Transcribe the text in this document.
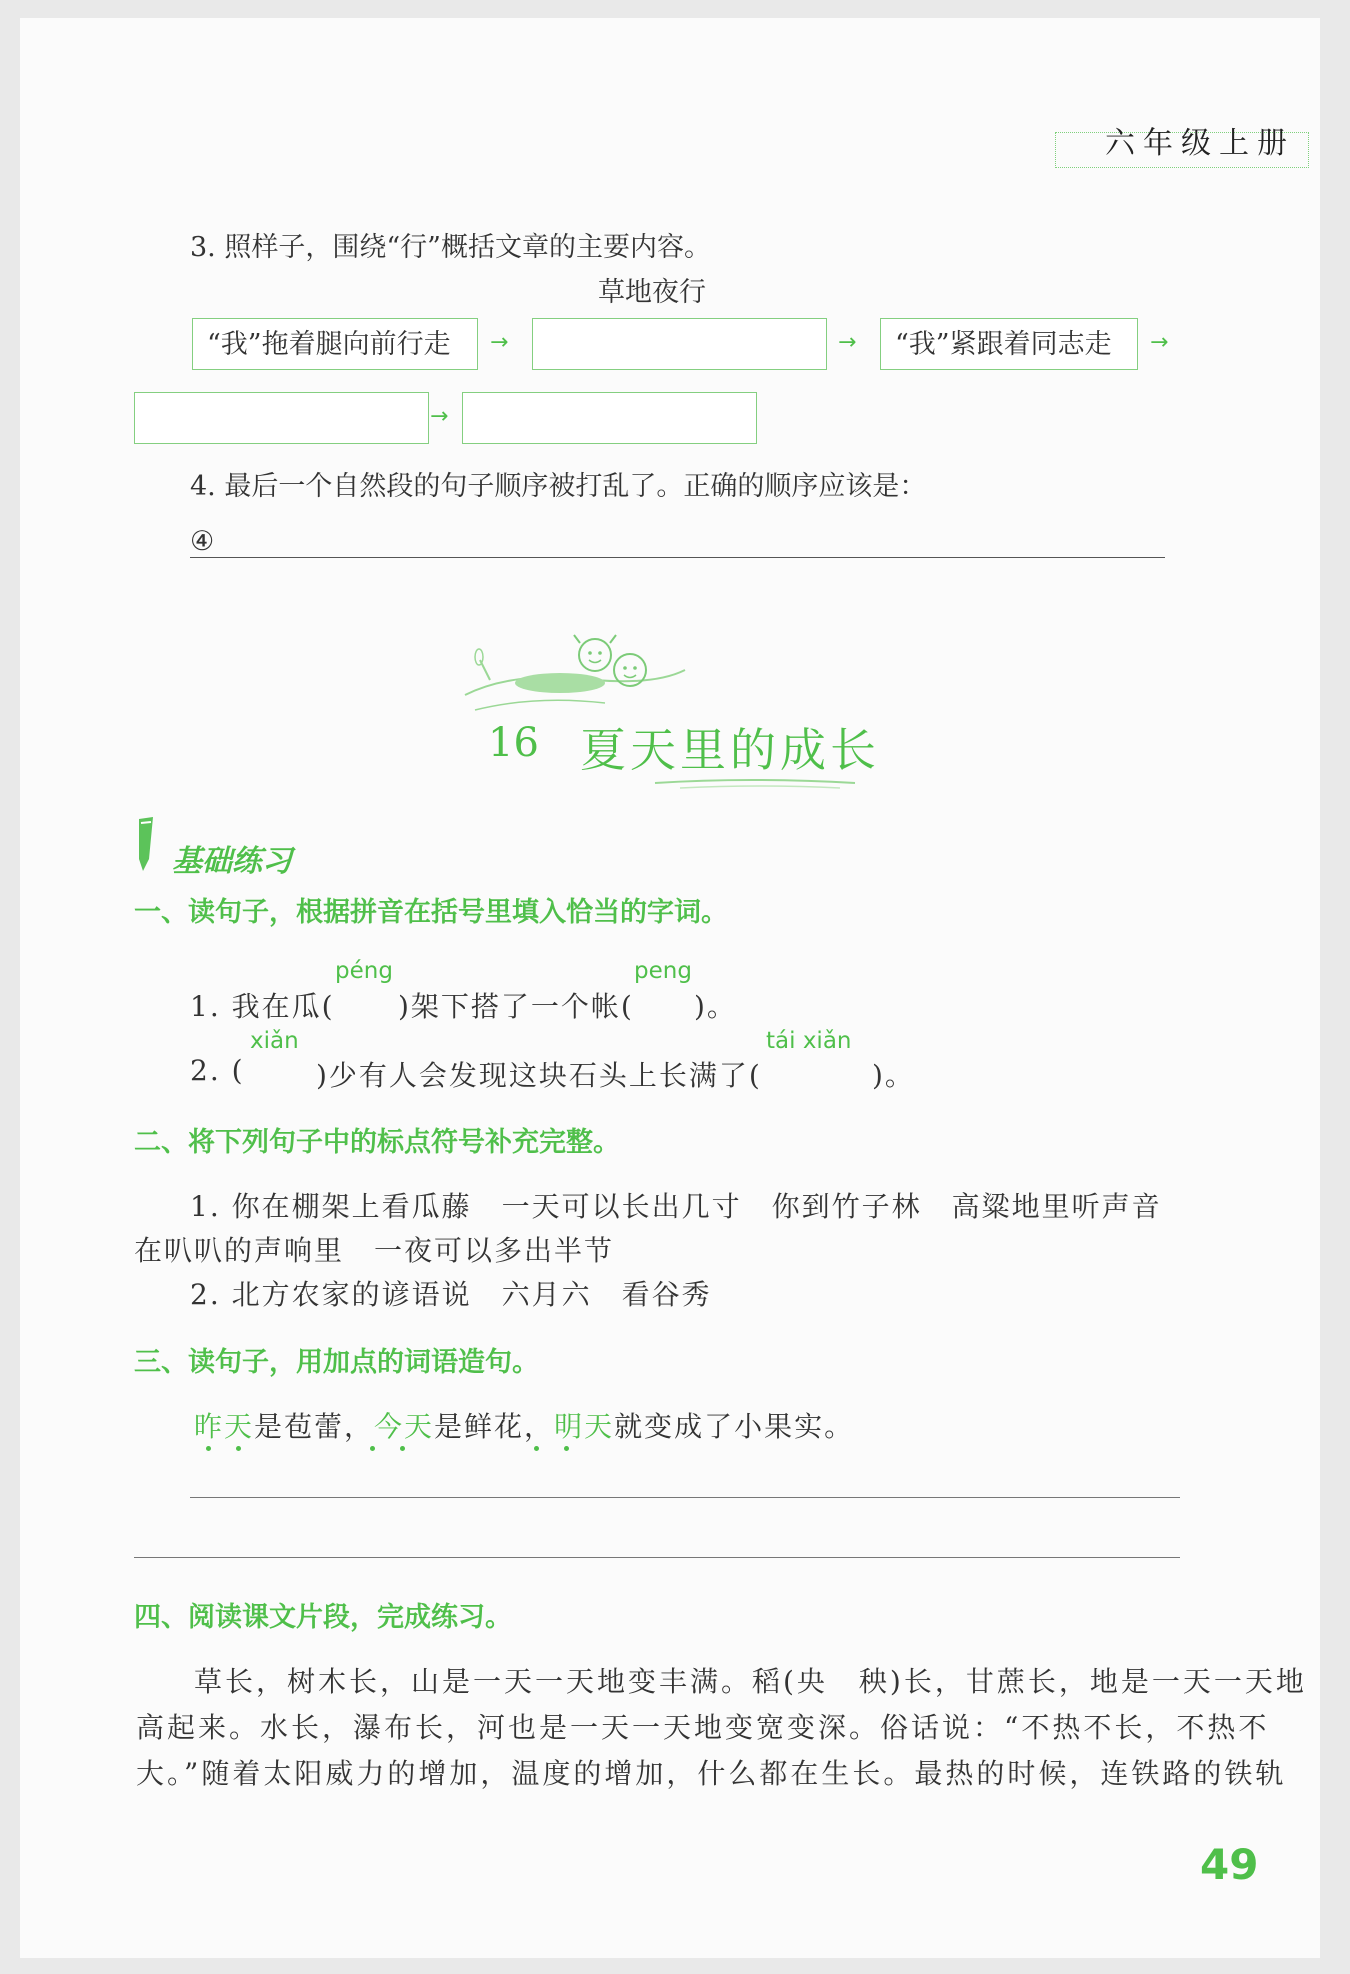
六年级上册
3. 照样子，围绕“行”概括文章的主要内容。
草地夜行
“我”拖着腿向前行走	→	→	“我”紧跟着同志走	→
→
4. 最后一个自然段的句子顺序被打乱了。正确的顺序应该是：
④
16 夏天里的成长
基础练习
一、读句子，根据拼音在括号里填入恰当的字词。
péng	peng
1. 我在瓜( )架下搭了一个帐( )。
xiǎn	tái xiǎn
2. (	)少有人会发现这块石头上长满了(	)。
二、将下列句子中的标点符号补充完整。
1. 你在棚架上看瓜藤　一天可以长出几寸　你到竹子林　高粱地里听声音
在叭叭的声响里　一夜可以多出半节
2. 北方农家的谚语说　六月六　看谷秀
三、读句子，用加点的词语造句。
昨天是苞蕾，今天是鲜花，明天就变成了小果实。
四、阅读课文片段，完成练习。
草长，树木长，山是一天一天地变丰满。稻(央　秧)长，甘蔗长，地是一天一天地
高起来。水长，瀑布长，河也是一天一天地变宽变深。俗话说：“不热不长，不热不
大。”随着太阳威力的增加，温度的增加，什么都在生长。最热的时候，连铁路的铁轨
49
